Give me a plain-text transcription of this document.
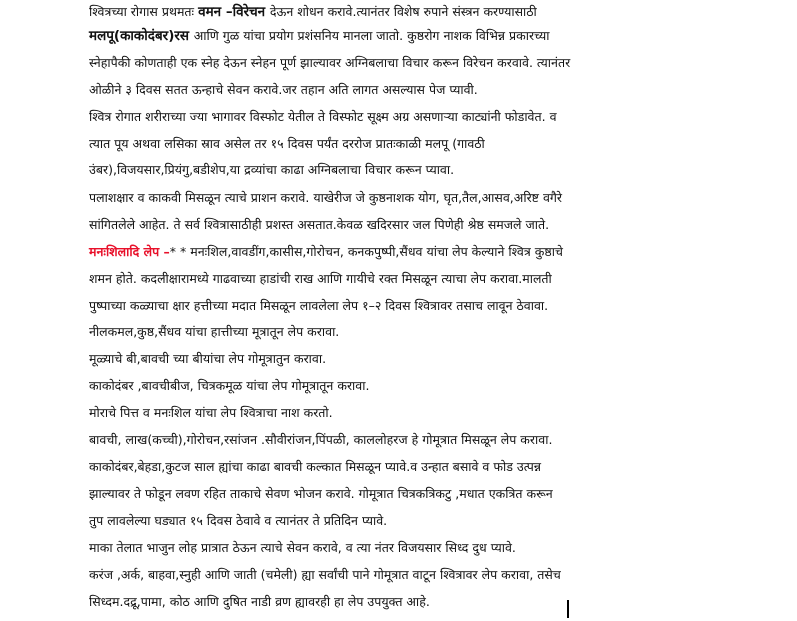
श्वित्रच्या रोगास प्रथमतः वमन –विरेचन देऊन शोधन करावे.त्यानंतर विशेष रुपाने संस्त्रन करण्यासाठी
मलपू(काकोदंबर)रस आणि गुळ यांचा प्रयोग प्रशंसनिय मानला जातो. कुष्ठरोग नाशक विभिन्न प्रकारच्या
स्नेहापैकी कोणताही एक स्नेह देऊन स्नेहन पूर्ण झाल्यावर अग्निबलाचा विचार करून विरेचन करवावे. त्यानंतर
ओळीने ३ दिवस सतत ऊन्हाचे सेवन करावे.जर तहान अति लागत असल्यास पेज प्यावी.
श्वित्र रोगात शरीराच्या ज्या भागावर विस्फोट येतील ते विस्फोट सूक्ष्म अग्र असणाऱ्या काट्यांनी फोडावेत. व
त्यात पूय अथवा लसिका स्राव असेल तर १५ दिवस पर्यंत दररोज प्रातःकाळी मलपू (गावठी
उंबर),विजयसार,प्रियंगु,बडीशेप,या द्रव्यांचा काढा अग्निबलाचा विचार करून प्यावा.
पलाशक्षार व काकवी मिसळून त्याचे प्राशन करावे. याखेरीज जे कुष्ठनाशक योग, घृत,तैल,आसव,अरिष्ट वगैरे
सांगितलेले आहेत. ते सर्व श्वित्रासाठीही प्रशस्त असतात.केवळ खदिरसार जल पिणेही श्रेष्ठ समजले जाते.
मनःशिलादि लेप –* * मनःशिल,वावडींग,कासीस,गोरोचन, कनकपुष्पी,सैंधव यांचा लेप केल्याने श्वित्र कुष्ठाचे
शमन होते. कदलीक्षारामध्ये गाढवाच्या हाडांची राख आणि गायीचे रक्त मिसळून त्याचा लेप करावा.मालती
पुष्पाच्या कळ्याचा क्षार हत्तीच्या मदात मिसळून लावलेला लेप १–२ दिवस श्वित्रावर तसाच लावून ठेवावा.
नीलकमल,कुष्ठ,सैंधव यांचा हात्तीच्या मूत्रातून लेप करावा.
मूळ्याचे बी,बावची च्या बीयांचा लेप गोमूत्रातुन करावा.
काकोदंबर ,बावचीबीज, चित्रकमूळ यांचा लेप गोमूत्रातून करावा.
मोराचे पित्त व मनःशिल यांचा लेप श्वित्राचा नाश करतो.
बावची, लाख(कच्ची),गोरोचन,रसांजन .सौवीरांजन,पिंपळी, काललोहरज हे गोमूत्रात मिसळून लेप करावा.
काकोदंबर,बेहडा,कुटज साल ह्यांचा काढा बावची कल्कात मिसळून प्यावे.व उन्हात बसावे व फोड उत्पन्न
झाल्यावर ते फोडून लवण रहित ताकाचे सेवण भोजन करावे. गोमूत्रात चित्रकत्रिकटु ,मधात एकत्रित करून
तुप लावलेल्या घड्यात १५ दिवस ठेवावे व त्यानंतर ते प्रतिदिन प्यावे.
माका तेलात भाजुन लोह प्रात्रात ठेऊन त्याचे सेवन करावे, व त्या नंतर विजयसार सिध्द दुध प्यावे.
करंज ,अर्क, बाहवा,स्नुही आणि जाती (चमेली) ह्या सर्वांची पाने गोमूत्रात वाटून श्वित्रावर लेप करावा, तसेच
सिध्दम.दद्रू,पामा, कोठ आणि दुषित नाडी व्रण ह्यावरही हा लेप उपयुक्त आहे.
